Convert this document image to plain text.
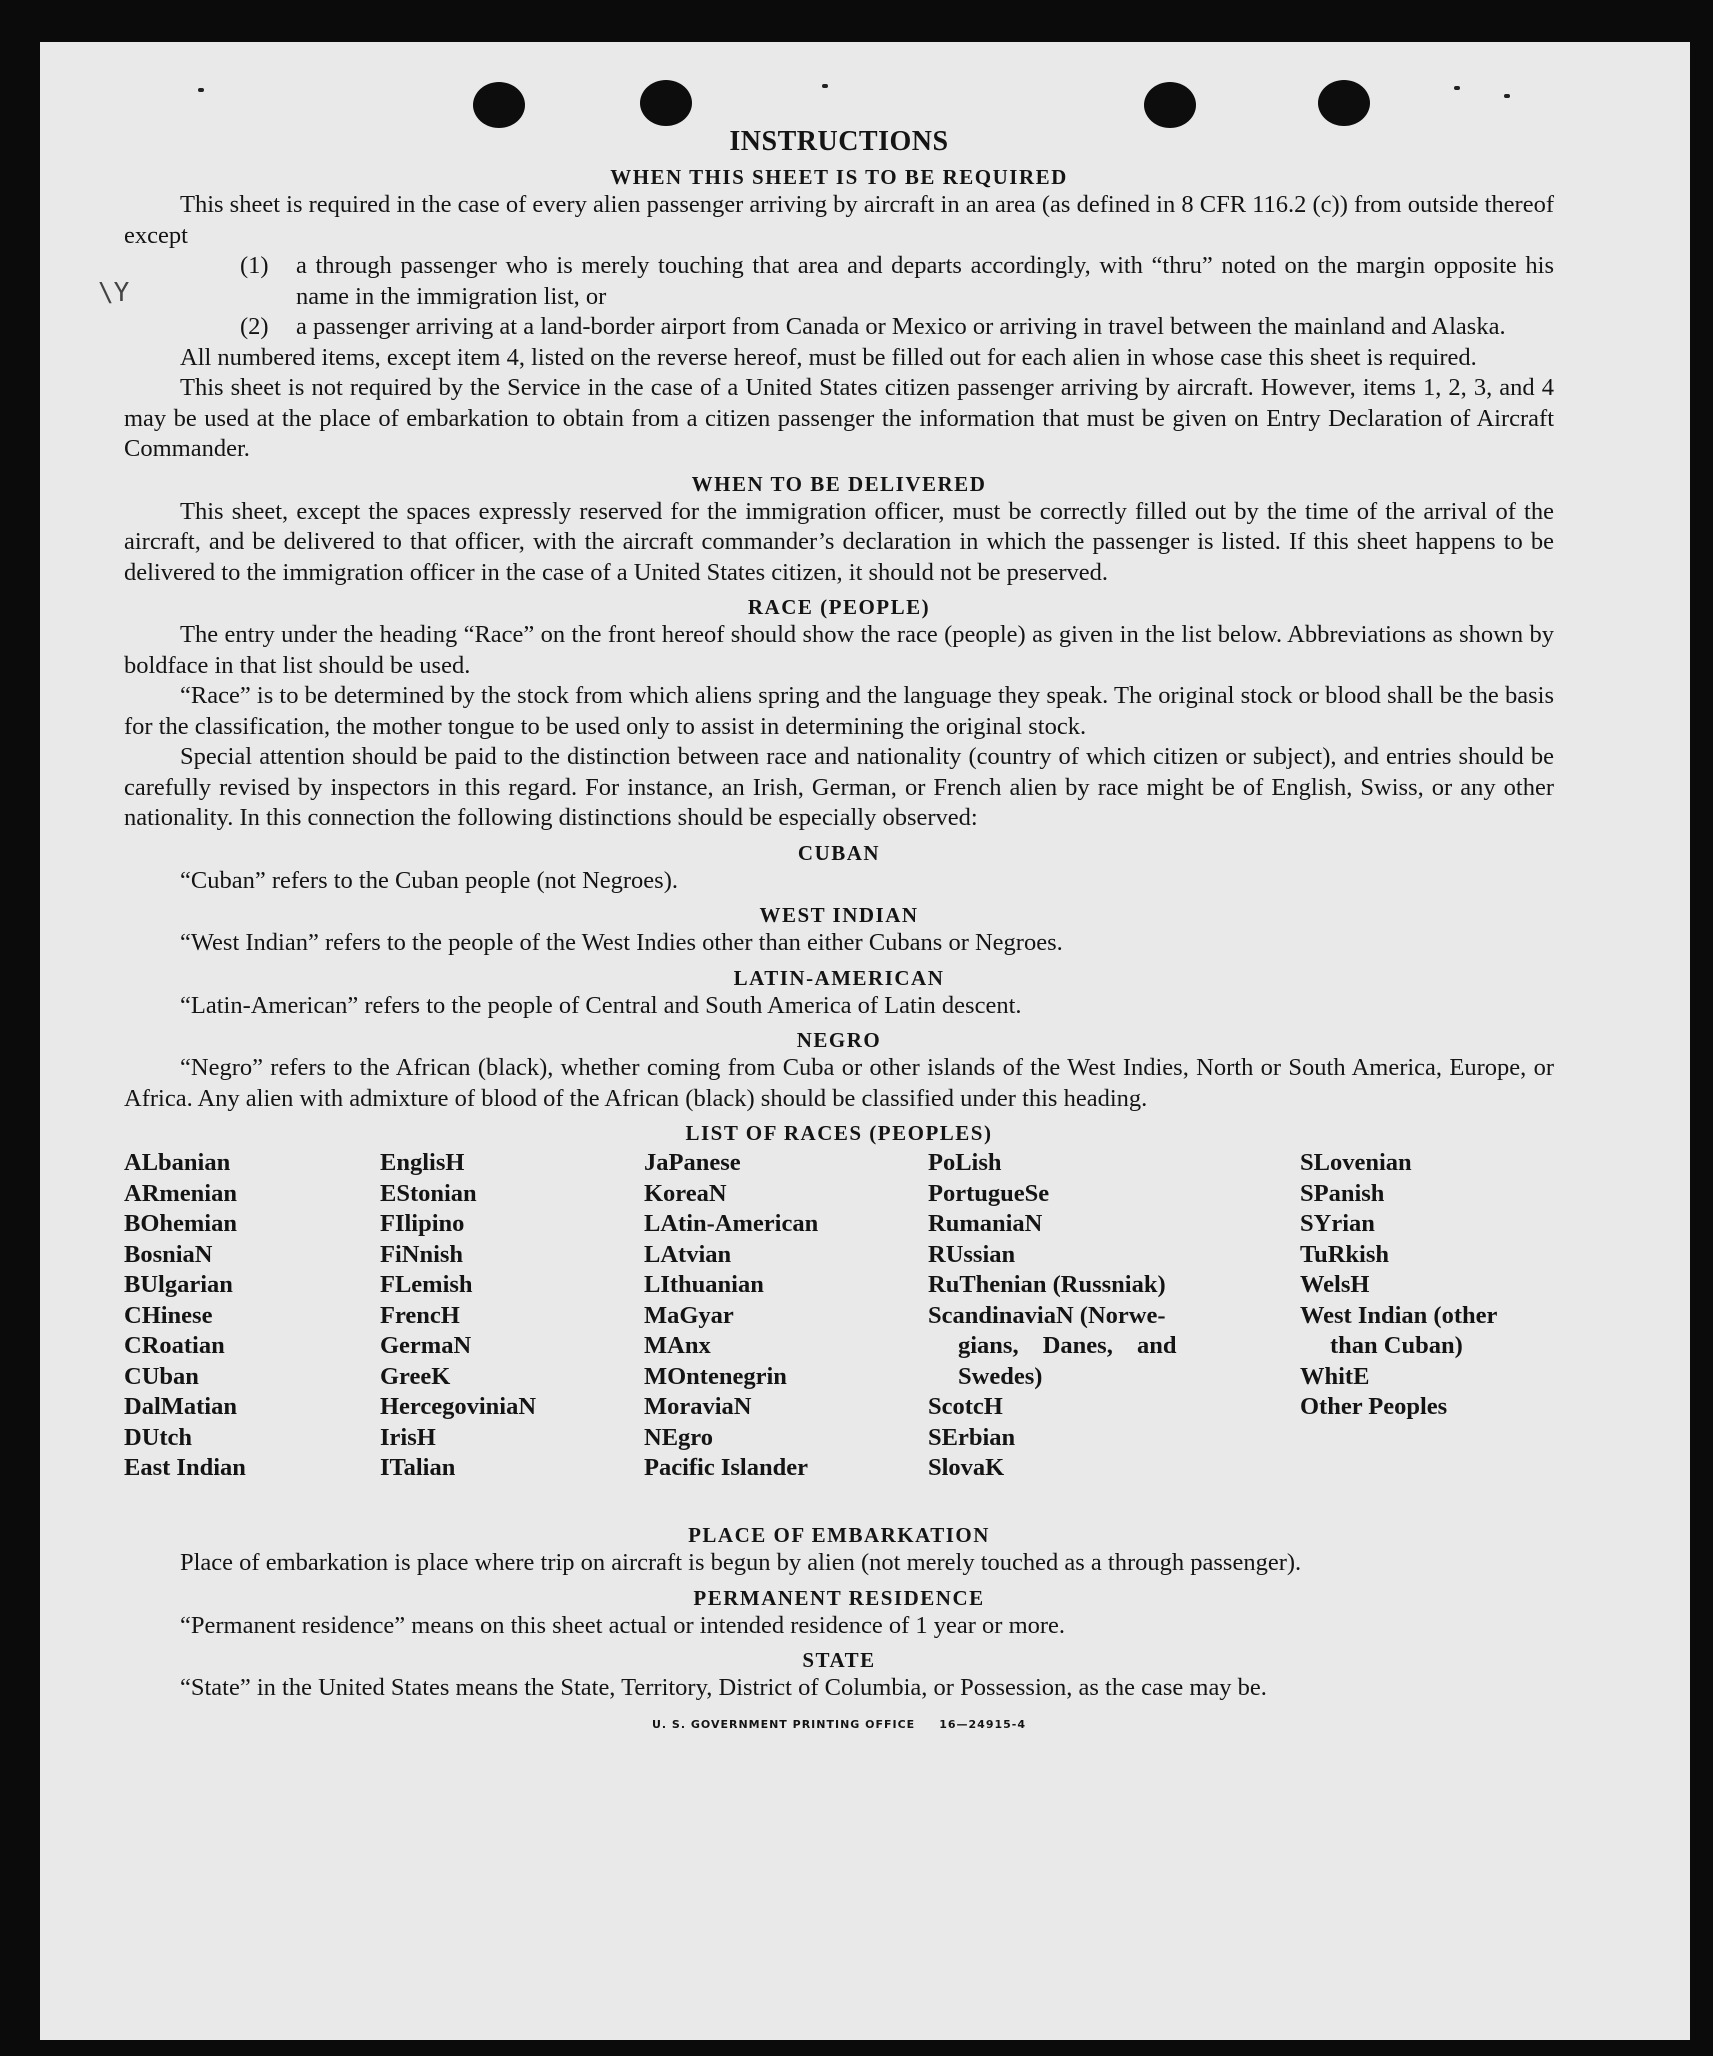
\Y
INSTRUCTIONS
WHEN THIS SHEET IS TO BE REQUIRED

This sheet is required in the case of every alien passenger arriving by aircraft in an area (as defined in 8 CFR 116.2 (c)) from outside thereof except

(1) a through passenger who is merely touching that area and departs accordingly, with “thru” noted on the margin opposite his name in the immigration list, or
(2) a passenger arriving at a land-border airport from Canada or Mexico or arriving in travel between the mainland and Alaska.

All numbered items, except item 4, listed on the reverse hereof, must be filled out for each alien in whose case this sheet is required.

This sheet is not required by the Service in the case of a United States citizen passenger arriving by aircraft. However, items 1, 2, 3, and 4 may be used at the place of embarkation to obtain from a citizen passenger the information that must be given on Entry Declaration of Aircraft Commander.

WHEN TO BE DELIVERED

This sheet, except the spaces expressly reserved for the immigration officer, must be correctly filled out by the time of the arrival of the aircraft, and be delivered to that officer, with the aircraft commander’s declaration in which the passenger is listed. If this sheet happens to be delivered to the immigration officer in the case of a United States citizen, it should not be preserved.

RACE (PEOPLE)

The entry under the heading “Race” on the front hereof should show the race (people) as given in the list below. Abbreviations as shown by boldface in that list should be used.

“Race” is to be determined by the stock from which aliens spring and the language they speak. The original stock or blood shall be the basis for the classification, the mother tongue to be used only to assist in determining the original stock.

Special attention should be paid to the distinction between race and nationality (country of which citizen or subject), and entries should be carefully revised by inspectors in this regard. For instance, an Irish, German, or French alien by race might be of English, Swiss, or any other nationality. In this connection the following distinctions should be especially observed:

CUBAN

“Cuban” refers to the Cuban people (not Negroes).

WEST INDIAN

“West Indian” refers to the people of the West Indies other than either Cubans or Negroes.

LATIN-AMERICAN

“Latin-American” refers to the people of Central and South America of Latin descent.

NEGRO

“Negro” refers to the African (black), whether coming from Cuba or other islands of the West Indies, North or South America, Europe, or Africa. Any alien with admixture of blood of the African (black) should be classified under this heading.

LIST OF RACES (PEOPLES)
ALbanian
ARmenian
BOhemian
BosniaN
BUlgarian
CHinese
CRoatian
CUban
DalMatian
DUtch
East Indian
EnglisH
EStonian
FIlipino
FiNnish
FLemish
FrencH
GermaN
GreeK
HercegoviniaN
IrisH
ITalian
JaPanese
KoreaN
LAtin-American
LAtvian
LIthuanian
MaGyar
MAnx
MOntenegrin
MoraviaN
NEgro
Pacific Islander
PoLish
PortugueSe
RumaniaN
RUssian
RuThenian (Russniak)
ScandinaviaN (Norwe-
gians, Danes, and
Swedes)
ScotcH
SErbian
SlovaK
SLovenian
SPanish
SYrian
TuRkish
WelsH
West Indian (other
than Cuban)
WhitE
Other Peoples
PLACE OF EMBARKATION

Place of embarkation is place where trip on aircraft is begun by alien (not merely touched as a through passenger).

PERMANENT RESIDENCE

“Permanent residence” means on this sheet actual or intended residence of 1 year or more.

STATE

“State” in the United States means the State, Territory, District of Columbia, or Possession, as the case may be.

U. S. GOVERNMENT PRINTING OFFICE 16—24915-4
